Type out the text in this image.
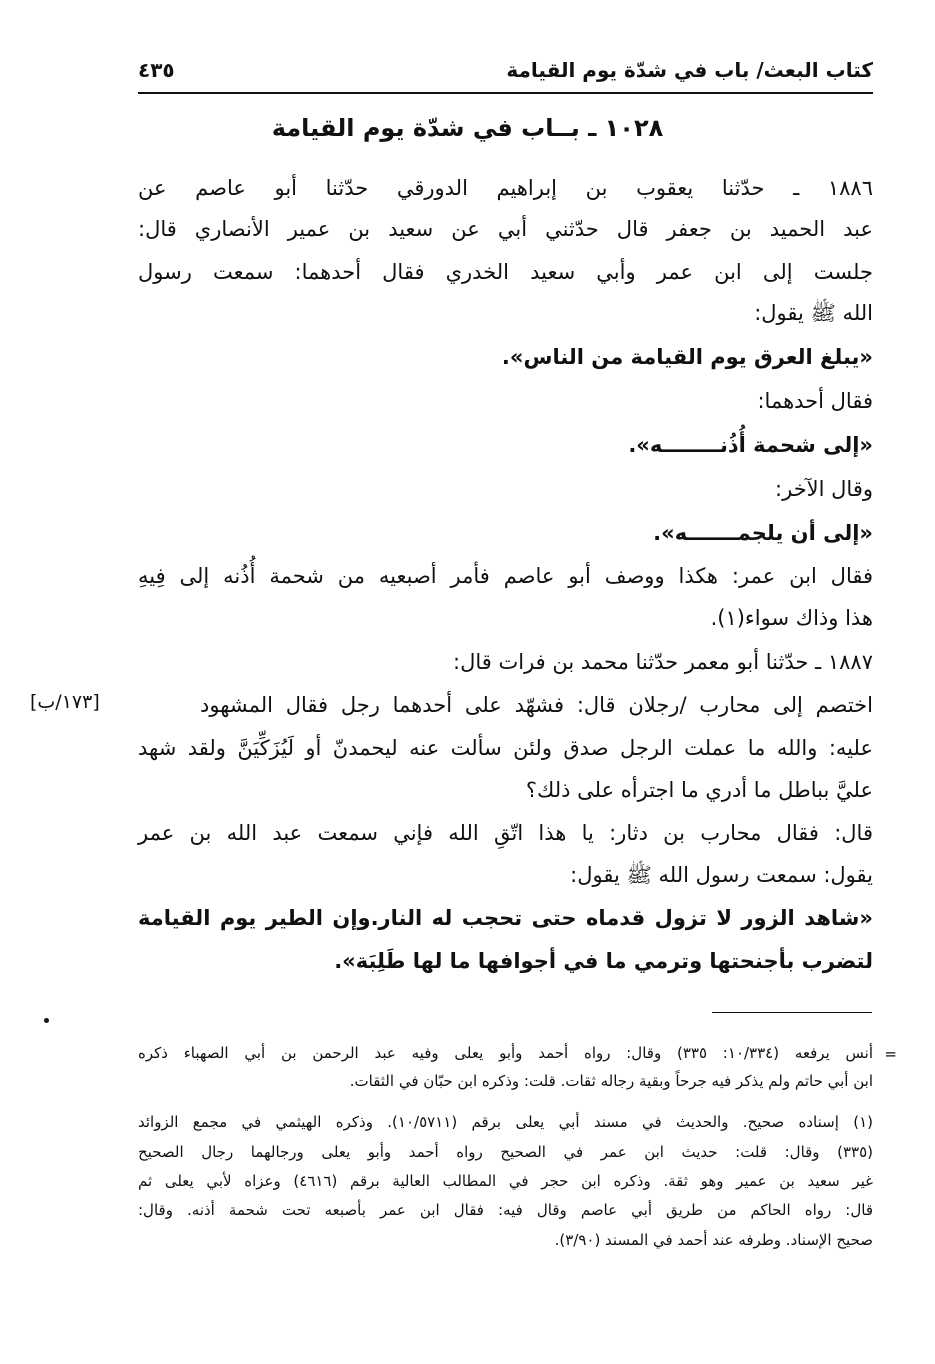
كتاب البعث/ باب في شدّة يوم القيامة
٤٣٥
١٠٢٨ ـ بــاب في شدّة يوم القيامة
١٨٨٦ ـ حدّثنا يعقوب بن إبراهيم الدورقي حدّثنا أبو عاصم عن
عبد الحميد بن جعفر قال حدّثني أبي عن سعيد بن عمير الأنصاري قال:
جلست إلى ابن عمر وأبي سعيد الخدري فقال أحدهما: سمعت رسول
الله ﷺ يقول:
«يبلغ العرق يوم القيامة من الناس».
فقال أحدهما:
«إلى شحمة أُذُنــــــــه».
وقال الآخر:
«إلى أن يلجمـــــــه».
فقال ابن عمر: هكذا ووصف أبو عاصم فأمر أصبعيه من شحمة أُذُنه إلى فِيهِ
هذا وذاك سواء(١).
١٨٨٧ ـ حدّثنا أبو معمر حدّثنا محمد بن فرات قال:
اختصم إلى محارب /رجلان قال: فشهّد على أحدهما رجل فقال المشهود
[١٧٣/ب]
عليه: والله ما عملت الرجل صدق ولئن سألت عنه ليحمدنّ أو لَيُزَكِّيَنَّ ولقد شهد
عليَّ بباطل ما أدري ما اجترأه على ذلك؟
قال: فقال محارب بن دثار: يا هذا اتّقِ الله فإني سمعت عبد الله بن عمر
يقول: سمعت رسول الله ﷺ يقول:
«شاهد الزور لا تزول قدماه حتى تحجب له النار.وإن الطير يوم القيامة
لتضرب بأجنحتها وترمي ما في أجوافها ما لها طَلِبَة».
=
أنس يرفعه (١٠/٣٣٤: ٣٣٥) وقال: رواه أحمد وأبو يعلى وفيه عبد الرحمن بن أبي الصهباء ذكره
ابن أبي حاتم ولم يذكر فيه جرحاً وبقية رجاله ثقات. قلت: وذكره ابن حبّان في الثقات.
(١) إسناده صحيح. والحديث في مسند أبي يعلى برقم (١٠/٥٧١١). وذكره الهيثمي في مجمع الزوائد
(٣٣٥) وقال: قلت: حديث ابن عمر في الصحيح رواه أحمد وأبو يعلى ورجالهما رجال الصحيح
غير سعيد بن عمير وهو ثقة. وذكره ابن حجر في المطالب العالية برقم (٤٦١٦) وعزاه لأبي يعلى ثم
قال: رواه الحاكم من طريق أبي عاصم وقال فيه: فقال ابن عمر بأصبعه تحت شحمة أذنه. وقال:
صحيح الإسناد. وطرفه عند أحمد في المسند (٣/٩٠).
